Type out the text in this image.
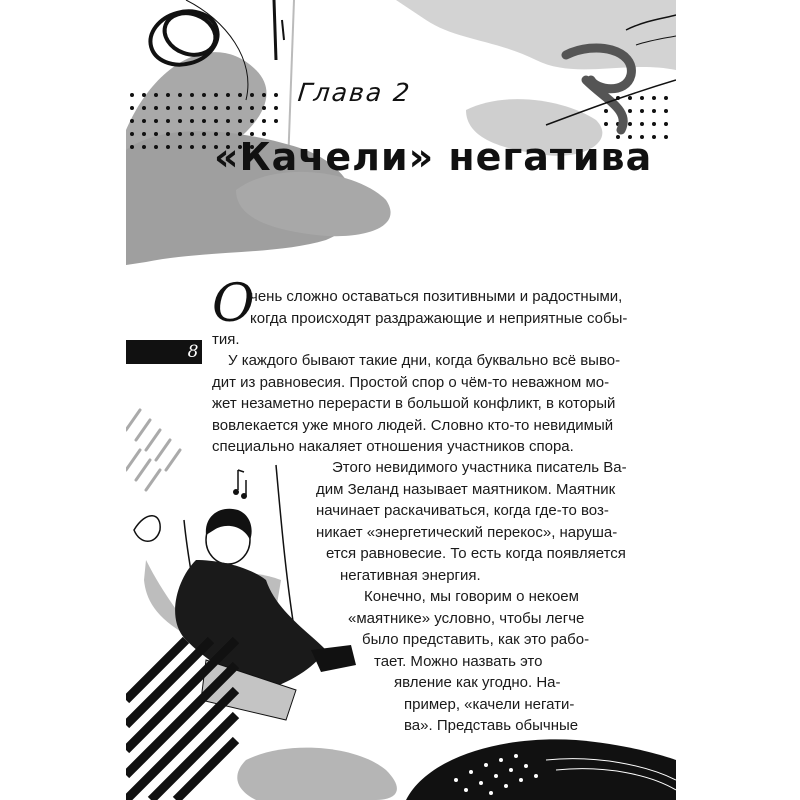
Глава 2
«Качели» негатива
8
О
чень сложно оставаться позитивными и радостными,
когда происходят раздражающие и неприятные собы-
тия.
У каждого бывают такие дни, когда буквально всё выво-
дит из равновесия. Простой спор о чём-то неважном мо-
жет незаметно перерасти в большой конфликт, в который
вовлекается уже много людей. Словно кто-то невидимый
специально накаляет отношения участников спора.
Этого невидимого участника писатель Ва-
дим Зеланд называет маятником. Маятник
начинает раскачиваться, когда где-то воз-
никает «энергетический перекос», наруша-
ется равновесие. То есть когда появляется
негативная энергия.
Конечно, мы говорим о некоем
«маятнике» условно, чтобы легче
было представить, как это рабо-
тает. Можно назвать это
явление как угодно. На-
пример, «качели негати-
ва». Представь обычные
